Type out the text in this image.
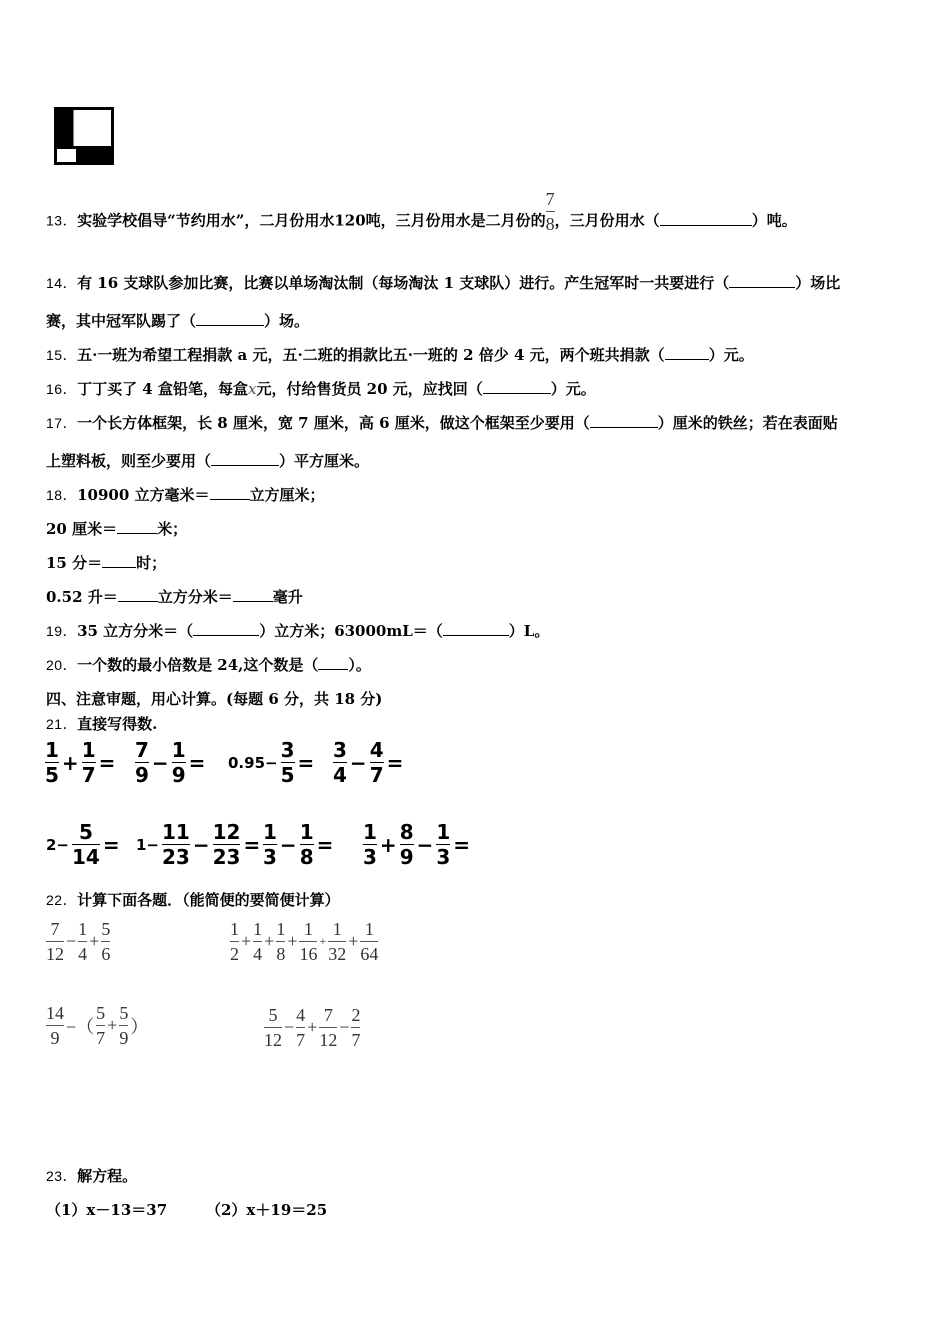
13．实验学校倡导“节约用水”，二月份用水120吨，三月份用水是二月份的 $\frac{7}{8}$ ，三月份用水（	）吨。
14．有 16 支球队参加比赛，比赛以单场淘汰制（每场淘汰 1 支球队）进行。产生冠军时一共要进行（	）场比
赛，其中冠军队踢了（	）场。
15．五·一班为希望工程捐款 a 元，五·二班的捐款比五·一班的 2 倍少 4 元，两个班共捐款（	）元。
16．丁丁买了 4 盒铅笔，每盒x元，付给售货员 20 元，应找回（	）元。
17．一个长方体框架，长 8 厘米，宽 7 厘米，高 6 厘米，做这个框架至少要用（	）厘米的铁丝；若在表面贴
上塑料板，则至少要用（	）平方厘米。
18．10900 立方毫米＝	立方厘米；
20 厘米＝	米；
15 分＝ 时；
0.52 升＝	立方分米＝	毫升
19．35 立方分米＝（	）立方米；63000mL＝（	）L。
20．一个数的最小倍数是 24,这个数是（ ）。
四、注意审题，用心计算。(每题 6 分，共 18 分)
21．直接写得数.
$\frac{1}{5} + \frac{1}{7} = \frac{7}{9} - \frac{1}{9} = 0.95- \frac{3}{5} = \frac{3}{4} - \frac{4}{7}$ =
$2- \frac{5}{14} = 1- \frac{11}{23} - \frac{12}{23} = \frac{1}{3} - \frac{1}{8} = \frac{1}{3} + \frac{8}{9} - \frac{1}{3}$ =
22．计算下面各题．（能简便的要简便计算）
$\frac{7}{12} - \frac{1}{4} + \frac{5}{6}$	$\frac{1}{2} + \frac{1}{4} + \frac{1}{8} + \frac{1}{16} + \frac{1}{32} + \frac{1}{64}$
$\frac{14}{9}$ −（ $\frac{5}{7} + \frac{5}{9}$ ）	$\frac{5}{12} - \frac{4}{7} + \frac{7}{12} - \frac{2}{7}$
23．解方程。
（1）x－13＝37	（2）x＋19＝25
